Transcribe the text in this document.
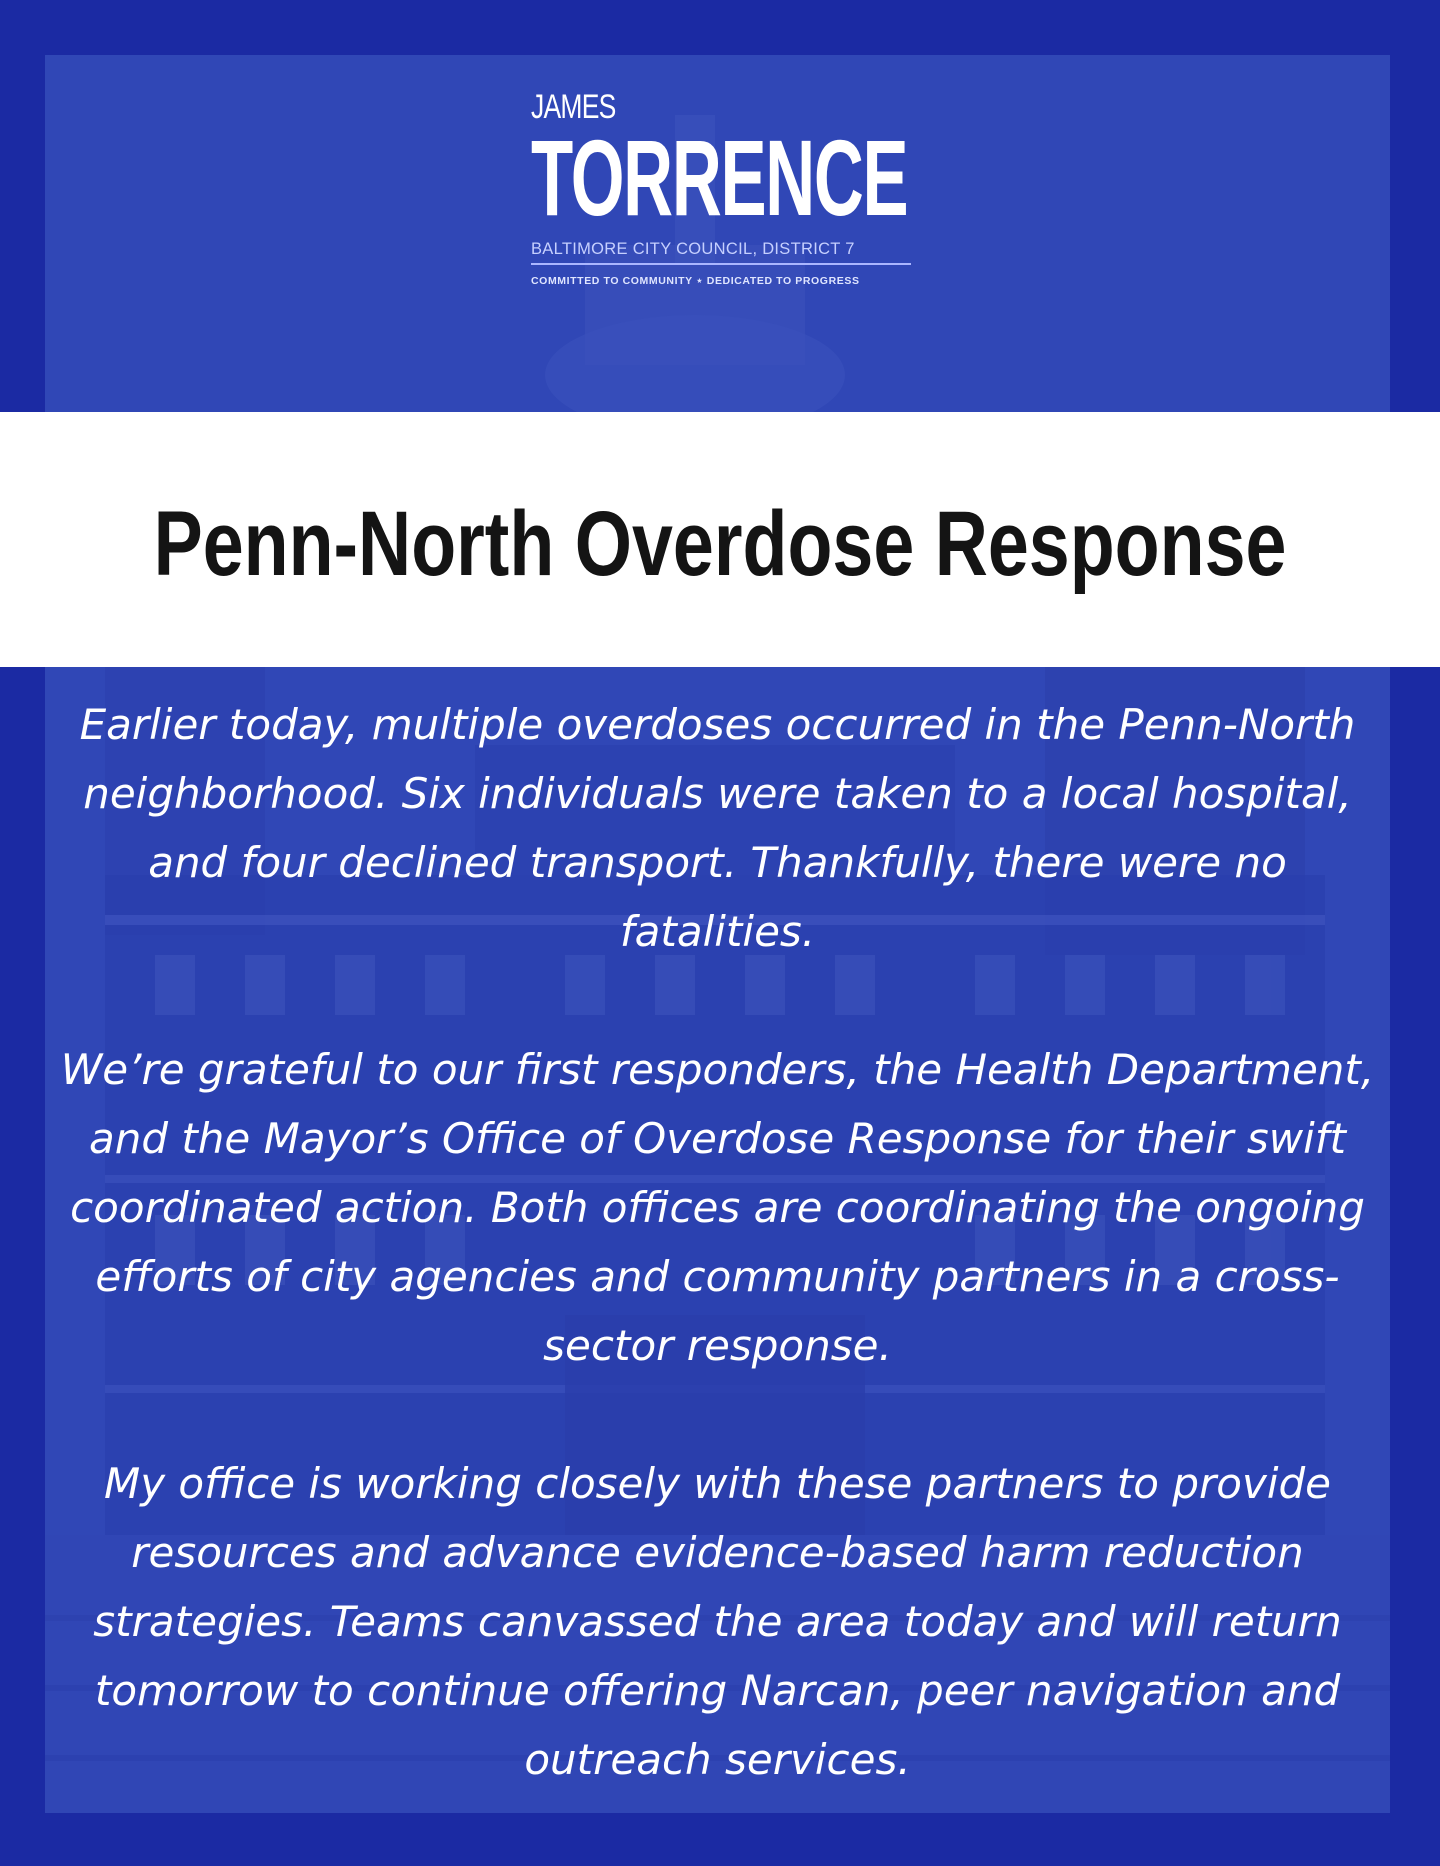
JAMES
TORRENCE
BALTIMORE CITY COUNCIL, DISTRICT 7
COMMITTED TO COMMUNITY ⋆ DEDICATED TO PROGRESS
Penn-North Overdose Response

Earlier today, multiple overdoses occurred in the Penn-North neighborhood. Six individuals were taken to a local hospital, and four declined transport. Thankfully, there were no fatalities.

We’re grateful to our first responders, the Health Department, and the Mayor’s Office of Overdose Response for their swift coordinated action. Both offices are coordinating the ongoing efforts of city agencies and community partners in a cross-sector response.

My office is working closely with these partners to provide resources and advance evidence-based harm reduction strategies. Teams canvassed the area today and will return tomorrow to continue offering Narcan, peer navigation and outreach services.
